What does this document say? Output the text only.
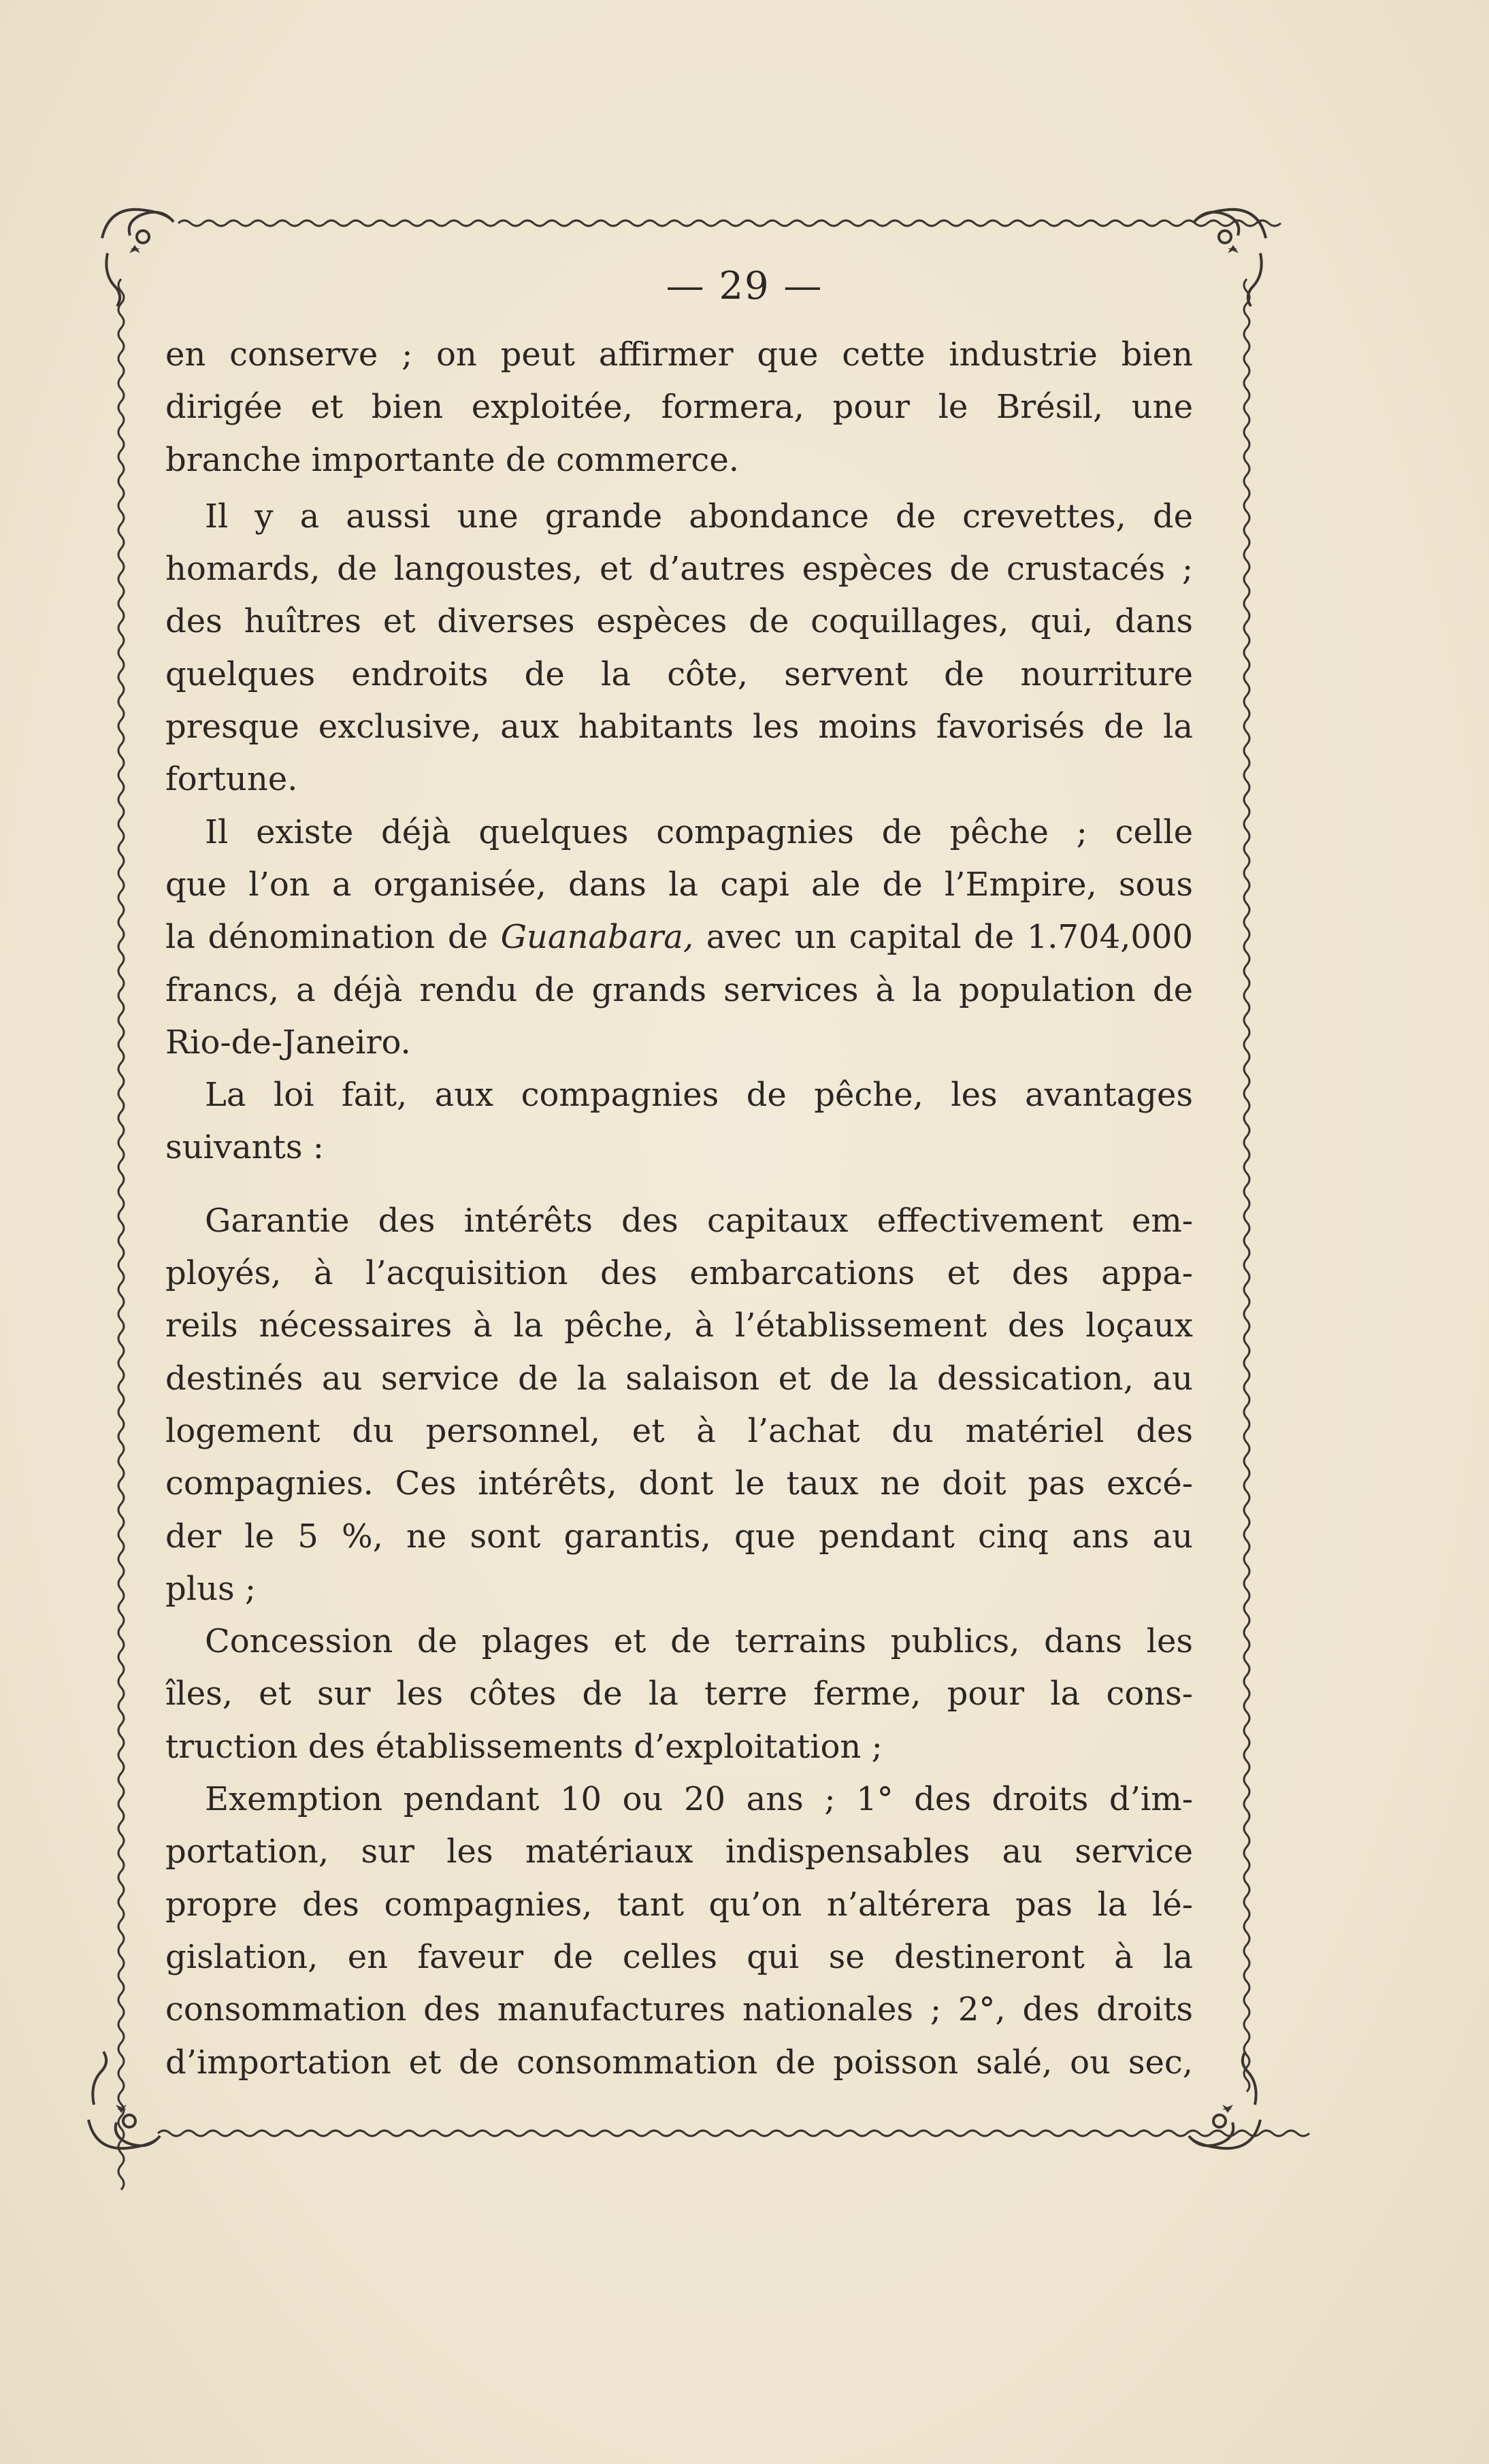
— 29 —
en conserve ; on peut affirmer que cette industrie bien
dirigée et bien exploitée, formera, pour le Brésil, une
branche importante de commerce.
Il y a aussi une grande abondance de crevettes, de
homards, de langoustes, et d’autres espèces de crustacés ;
des huîtres et diverses espèces de coquillages, qui, dans
quelques endroits de la côte, servent de nourriture
presque exclusive, aux habitants les moins favorisés de la
fortune.
Il existe déjà quelques compagnies de pêche ; celle
que l’on a organisée, dans la capi ale de l’Empire, sous
la dénomination de Guanabara, avec un capital de 1.704,000
francs, a déjà rendu de grands services à la population de
Rio-de-Janeiro.
La loi fait, aux compagnies de pêche, les avantages
suivants :
Garantie des intérêts des capitaux effectivement em-
ployés, à l’acquisition des embarcations et des appa-
reils nécessaires à la pêche, à l’établissement des loçaux
destinés au service de la salaison et de la dessication, au
logement du personnel, et à l’achat du matériel des
compagnies. Ces intérêts, dont le taux ne doit pas excé-
der le 5 %, ne sont garantis, que pendant cinq ans au
plus ;
Concession de plages et de terrains publics, dans les
îles, et sur les côtes de la terre ferme, pour la cons-
truction des établissements d’exploitation ;
Exemption pendant 10 ou 20 ans ; 1° des droits d’im-
portation, sur les matériaux indispensables au service
propre des compagnies, tant qu’on n’altérera pas la lé-
gislation, en faveur de celles qui se destineront à la
consommation des manufactures nationales ; 2°, des droits
d’importation et de consommation de poisson salé, ou sec,
